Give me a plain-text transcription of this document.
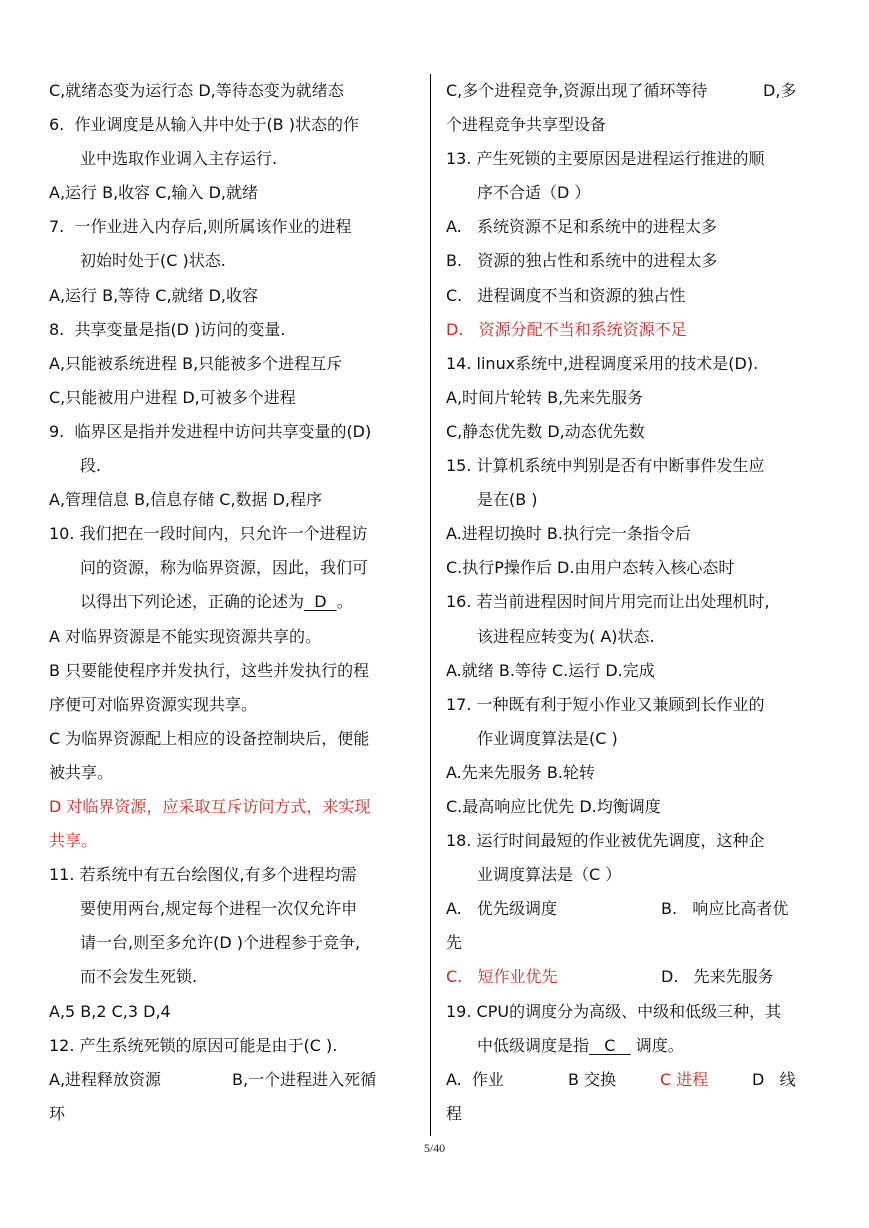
C,就绪态变为运行态 D,等待态变为就绪态
6.  作业调度是从输入井中处于(B )状态的作
业中选取作业调入主存运行.
A,运行 B,收容 C,输入 D,就绪
7.  一作业进入内存后,则所属该作业的进程
初始时处于(C )状态.
A,运行 B,等待 C,就绪 D,收容
8.  共享变量是指(D )访问的变量.
A,只能被系统进程 B,只能被多个进程互斥
C,只能被用户进程 D,可被多个进程
9.  临界区是指并发进程中访问共享变量的(D)
段.
A,管理信息 B,信息存储 C,数据 D,程序
10. 我们把在一段时间内，只允许一个进程访
问的资源，称为临界资源，因此，我们可
以得出下列论述，正确的论述为  D  。
A 对临界资源是不能实现资源共享的。
B 只要能使程序并发执行，这些并发执行的程
序便可对临界资源实现共享。
C 为临界资源配上相应的设备控制块后，便能
被共享。
D 对临界资源，应采取互斥访问方式，来实现
共享。
11. 若系统中有五台绘图仪,有多个进程均需
要使用两台,规定每个进程一次仅允许申
请一台,则至多允许(D )个进程参于竞争,
而不会发生死锁.
A,5 B,2 C,3 D,4
12. 产生系统死锁的原因可能是由于(C ).
A,进程释放资源	B,一个进程进入死循
环
C,多个进程竞争,资源出现了循环等待	D,多
个进程竞争共享型设备
13. 产生死锁的主要原因是进程运行推进的顺
序不合适（D ）
A.   系统资源不足和系统中的进程太多
B.   资源的独占性和系统中的进程太多
C.   进程调度不当和资源的独占性
D.   资源分配不当和系统资源不足
14. linux系统中,进程调度采用的技术是(D).
A,时间片轮转 B,先来先服务
C,静态优先数 D,动态优先数
15. 计算机系统中判别是否有中断事件发生应
是在(B )
A.进程切换时 B.执行完一条指令后
C.执行P操作后 D.由用户态转入核心态时
16. 若当前进程因时间片用完而让出处理机时,
该进程应转变为( A)状态.
A.就绪 B.等待 C.运行 D.完成
17. 一种既有利于短小作业又兼顾到长作业的
作业调度算法是(C )
A.先来先服务 B.轮转
C.最高响应比优先 D.均衡调度
18. 运行时间最短的作业被优先调度，这种企
业调度算法是（C ）
A.   优先级调度	B.   响应比高者优
先
C.   短作业优先	D.   先来先服务
19. CPU的调度分为高级、中级和低级三种，其
中低级调度是指   C    调度。
A.  作业	B 交换	C 进程	D   线
程
5/40
